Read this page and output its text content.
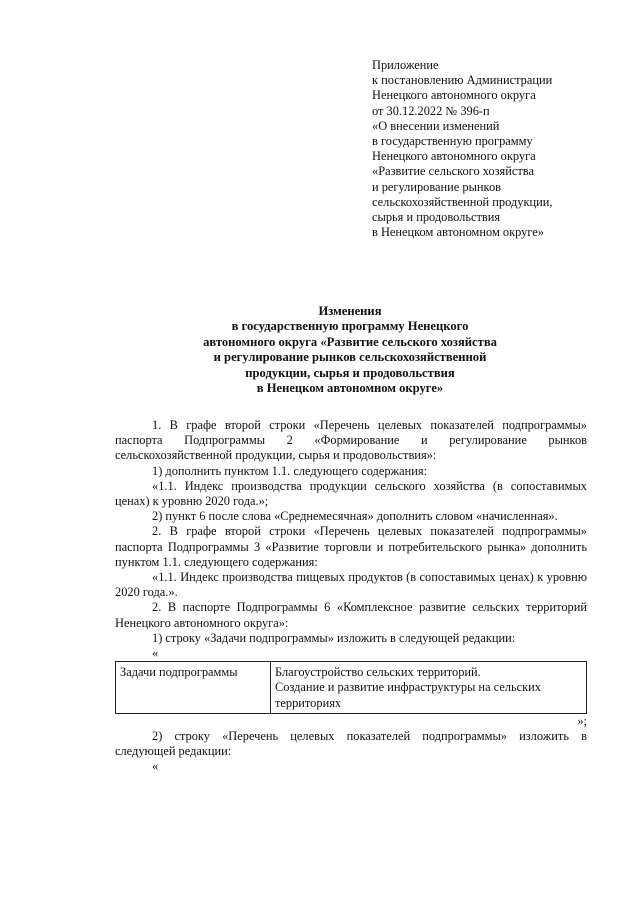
Приложение
к постановлению Администрации
Ненецкого автономного округа
от 30.12.2022 № 396-п
«О внесении изменений
в государственную программу
Ненецкого автономного округа
«Развитие сельского хозяйства
и регулирование рынков
сельскохозяйственной продукции,
сырья и продовольствия
в Ненецком автономном округе»
Изменения
в государственную программу Ненецкого
автономного округа «Развитие сельского хозяйства
и регулирование рынков сельскохозяйственной
продукции, сырья и продовольствия
в Ненецком автономном округе»

1. В графе второй строки «Перечень целевых показателей подпрограммы» паспорта Подпрограммы 2 «Формирование и регулирование рынков сельскохозяйственной продукции, сырья и продовольствия»:

1) дополнить пунктом 1.1. следующего содержания:

«1.1. Индекс производства продукции сельского хозяйства (в сопоставимых ценах) к уровню 2020 года.»;

2) пункт 6 после слова «Среднемесячная» дополнить словом «начисленная».

2. В графе второй строки «Перечень целевых показателей подпрограммы» паспорта Подпрограммы 3 «Развитие торговли и потребительского рынка» дополнить пунктом 1.1. следующего содержания:

«1.1. Индекс производства пищевых продуктов (в сопоставимых ценах) к уровню 2020 года.».

2. В паспорте Подпрограммы 6 «Комплексное развитие сельских территорий Ненецкого автономного округа»:

1) строку «Задачи подпрограммы» изложить в следующей редакции:

«

Задачи подпрограммы	Благоустройство сельских территорий.
Создание и развитие инфраструктуры на сельских территориях

»;

2) строку «Перечень целевых показателей подпрограммы» изложить в следующей редакции:

«
